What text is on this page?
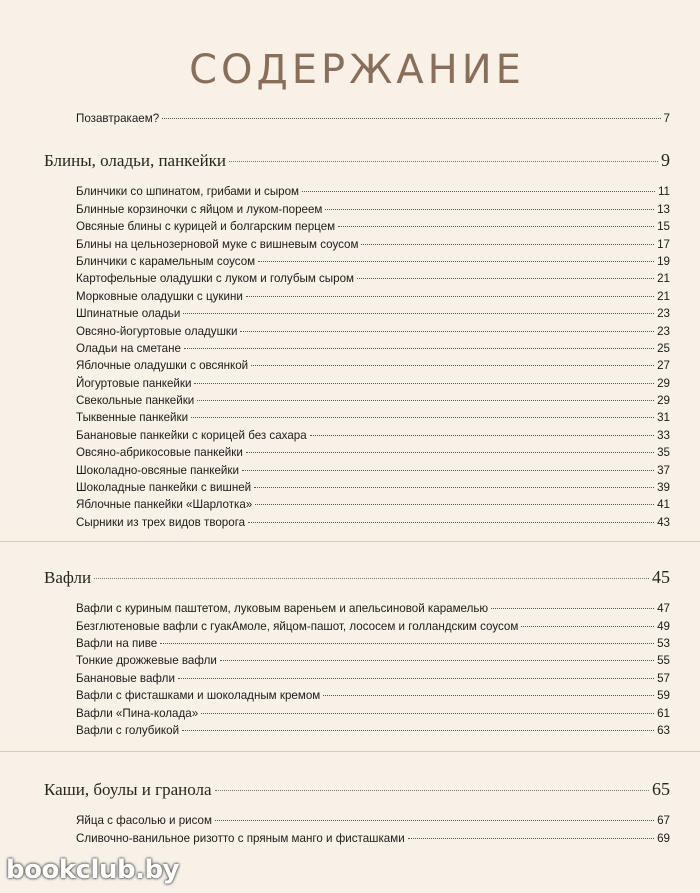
СОДЕРЖАНИЕ
Позавтракаем?	7
Блины, оладьи, панкейки	9
Блинчики со шпинатом, грибами и сыром	11
Блинные корзиночки с яйцом и луком-пореем	13
Овсяные блины с курицей и болгарским перцем	15
Блины на цельнозерновой муке с вишневым соусом	17
Блинчики с карамельным соусом	19
Картофельные оладушки с луком и голубым сыром	21
Морковные оладушки с цукини	21
Шпинатные оладьи	23
Овсяно-йогуртовые оладушки	23
Оладьи на сметане	25
Яблочные оладушки с овсянкой	27
Йогуртовые панкейки	29
Свекольные панкейки	29
Тыквенные панкейки	31
Банановые панкейки с корицей без сахара	33
Овсяно-абрикосовые панкейки	35
Шоколадно-овсяные панкейки	37
Шоколадные панкейки с вишней	39
Яблочные панкейки «Шарлотка»	41
Сырники из трех видов творога	43
Вафли	45
Вафли с куриным паштетом, луковым вареньем и апельсиновой карамелью	47
Безглютеновые вафли с гуакАмоле, яйцом-пашот, лососем и голландским соусом	49
Вафли на пиве	53
Тонкие дрожжевые вафли	55
Банановые вафли	57
Вафли с фисташками и шоколадным кремом	59
Вафли «Пина-колада»	61
Вафли с голубикой	63
Каши, боулы и гранола	65
Яйца с фасолью и рисом	67
Сливочно-ванильное ризотто с пряным манго и фисташками	69
bookclub.by
